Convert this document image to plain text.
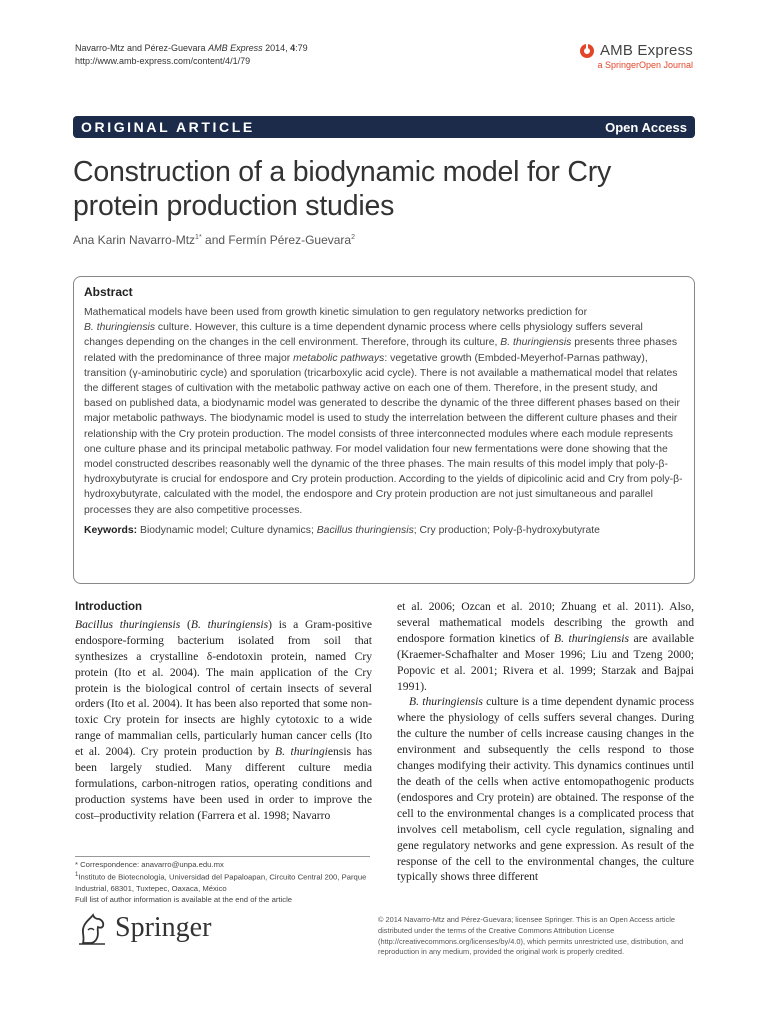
Navarro-Mtz and Pérez-Guevara AMB Express 2014, 4:79
http://www.amb-express.com/content/4/1/79
AMB Express
a SpringerOpen Journal
ORIGINAL ARTICLE	Open Access
Construction of a biodynamic model for Cry protein production studies
Ana Karin Navarro-Mtz$^{1*}$ and Fermín Pérez-Guevara$^2$
Abstract
Mathematical models have been used from growth kinetic simulation to gen regulatory networks prediction for
B. thuringiensis culture. However, this culture is a time dependent dynamic process where cells physiology suffers several changes depending on the changes in the cell environment. Therefore, through its culture, B. thuringiensis presents three phases related with the predominance of three major metabolic pathways: vegetative growth (Embded-Meyerhof-Parnas pathway), transition (γ-aminobutiric cycle) and sporulation (tricarboxylic acid cycle). There is not available a mathematical model that relates the different stages of cultivation with the metabolic pathway active on each one of them. Therefore, in the present study, and based on published data, a biodynamic model was generated to describe the dynamic of the three different phases based on their major metabolic pathways. The biodynamic model is used to study the interrelation between the different culture phases and their relationship with the Cry protein production. The model consists of three interconnected modules where each module represents one culture phase and its principal metabolic pathway. For model validation four new fermentations were done showing that the model constructed describes reasonably well the dynamic of the three phases. The main results of this model imply that poly-β-hydroxybutyrate is crucial for endospore and Cry protein production. According to the yields of dipicolinic acid and Cry from poly-β-hydroxybutyrate, calculated with the model, the endospore and Cry protein production are not just simultaneous and parallel processes they are also competitive processes.
Keywords: Biodynamic model; Culture dynamics; Bacillus thuringiensis; Cry production; Poly-β-hydroxybutyrate
Introduction

Bacillus thuringiensis (B. thuringiensis) is a Gram-positive endospore-forming bacterium isolated from soil that synthesizes a crystalline δ-endotoxin protein, named Cry protein (Ito et al. 2004). The main application of the Cry protein is the biological control of certain insects of several orders (Ito et al. 2004). It has been also reported that some non-toxic Cry protein for insects are highly cytotoxic to a wide range of mammalian cells, particularly human cancer cells (Ito et al. 2004). Cry protein production by B. thuringiensis has been largely studied. Many different culture media formulations, carbon-nitrogen ratios, operating conditions and production systems have been used in order to improve the cost–productivity relation (Farrera et al. 1998; Navarro

et al. 2006; Ozcan et al. 2010; Zhuang et al. 2011). Also, several mathematical models describing the growth and endospore formation kinetics of B. thuringiensis are available (Kraemer-Schafhalter and Moser 1996; Liu and Tzeng 2000; Popovic et al. 2001; Rivera et al. 1999; Starzak and Bajpai 1991).

B. thuringiensis culture is a time dependent dynamic process where the physiology of cells suffers several changes. During the culture the number of cells increase causing changes in the environment and subsequently the cells respond to those changes modifying their activity. This dynamics continues until the death of the cells when active entomopathogenic products (endospores and Cry protein) are obtained. The response of the cell to the environmental changes is a complicated process that involves cell metabolism, cell cycle regulation, signaling and gene regulatory networks and gene expression. As result of the response of the cell to the environmental changes, the culture typically shows three different

* Correspondence: anavarro@unpa.edu.mx
$^1$Instituto de Biotecnología, Universidad del Papaloapan, Circuito Central 200, Parque Industrial, 68301, Tuxtepec, Oaxaca, México
Full list of author information is available at the end of the article
Springer	© 2014 Navarro-Mtz and Pérez-Guevara; licensee Springer. This is an Open Access article distributed under the terms of the Creative Commons Attribution License (http://creativecommons.org/licenses/by/4.0), which permits unrestricted use, distribution, and reproduction in any medium, provided the original work is properly credited.
